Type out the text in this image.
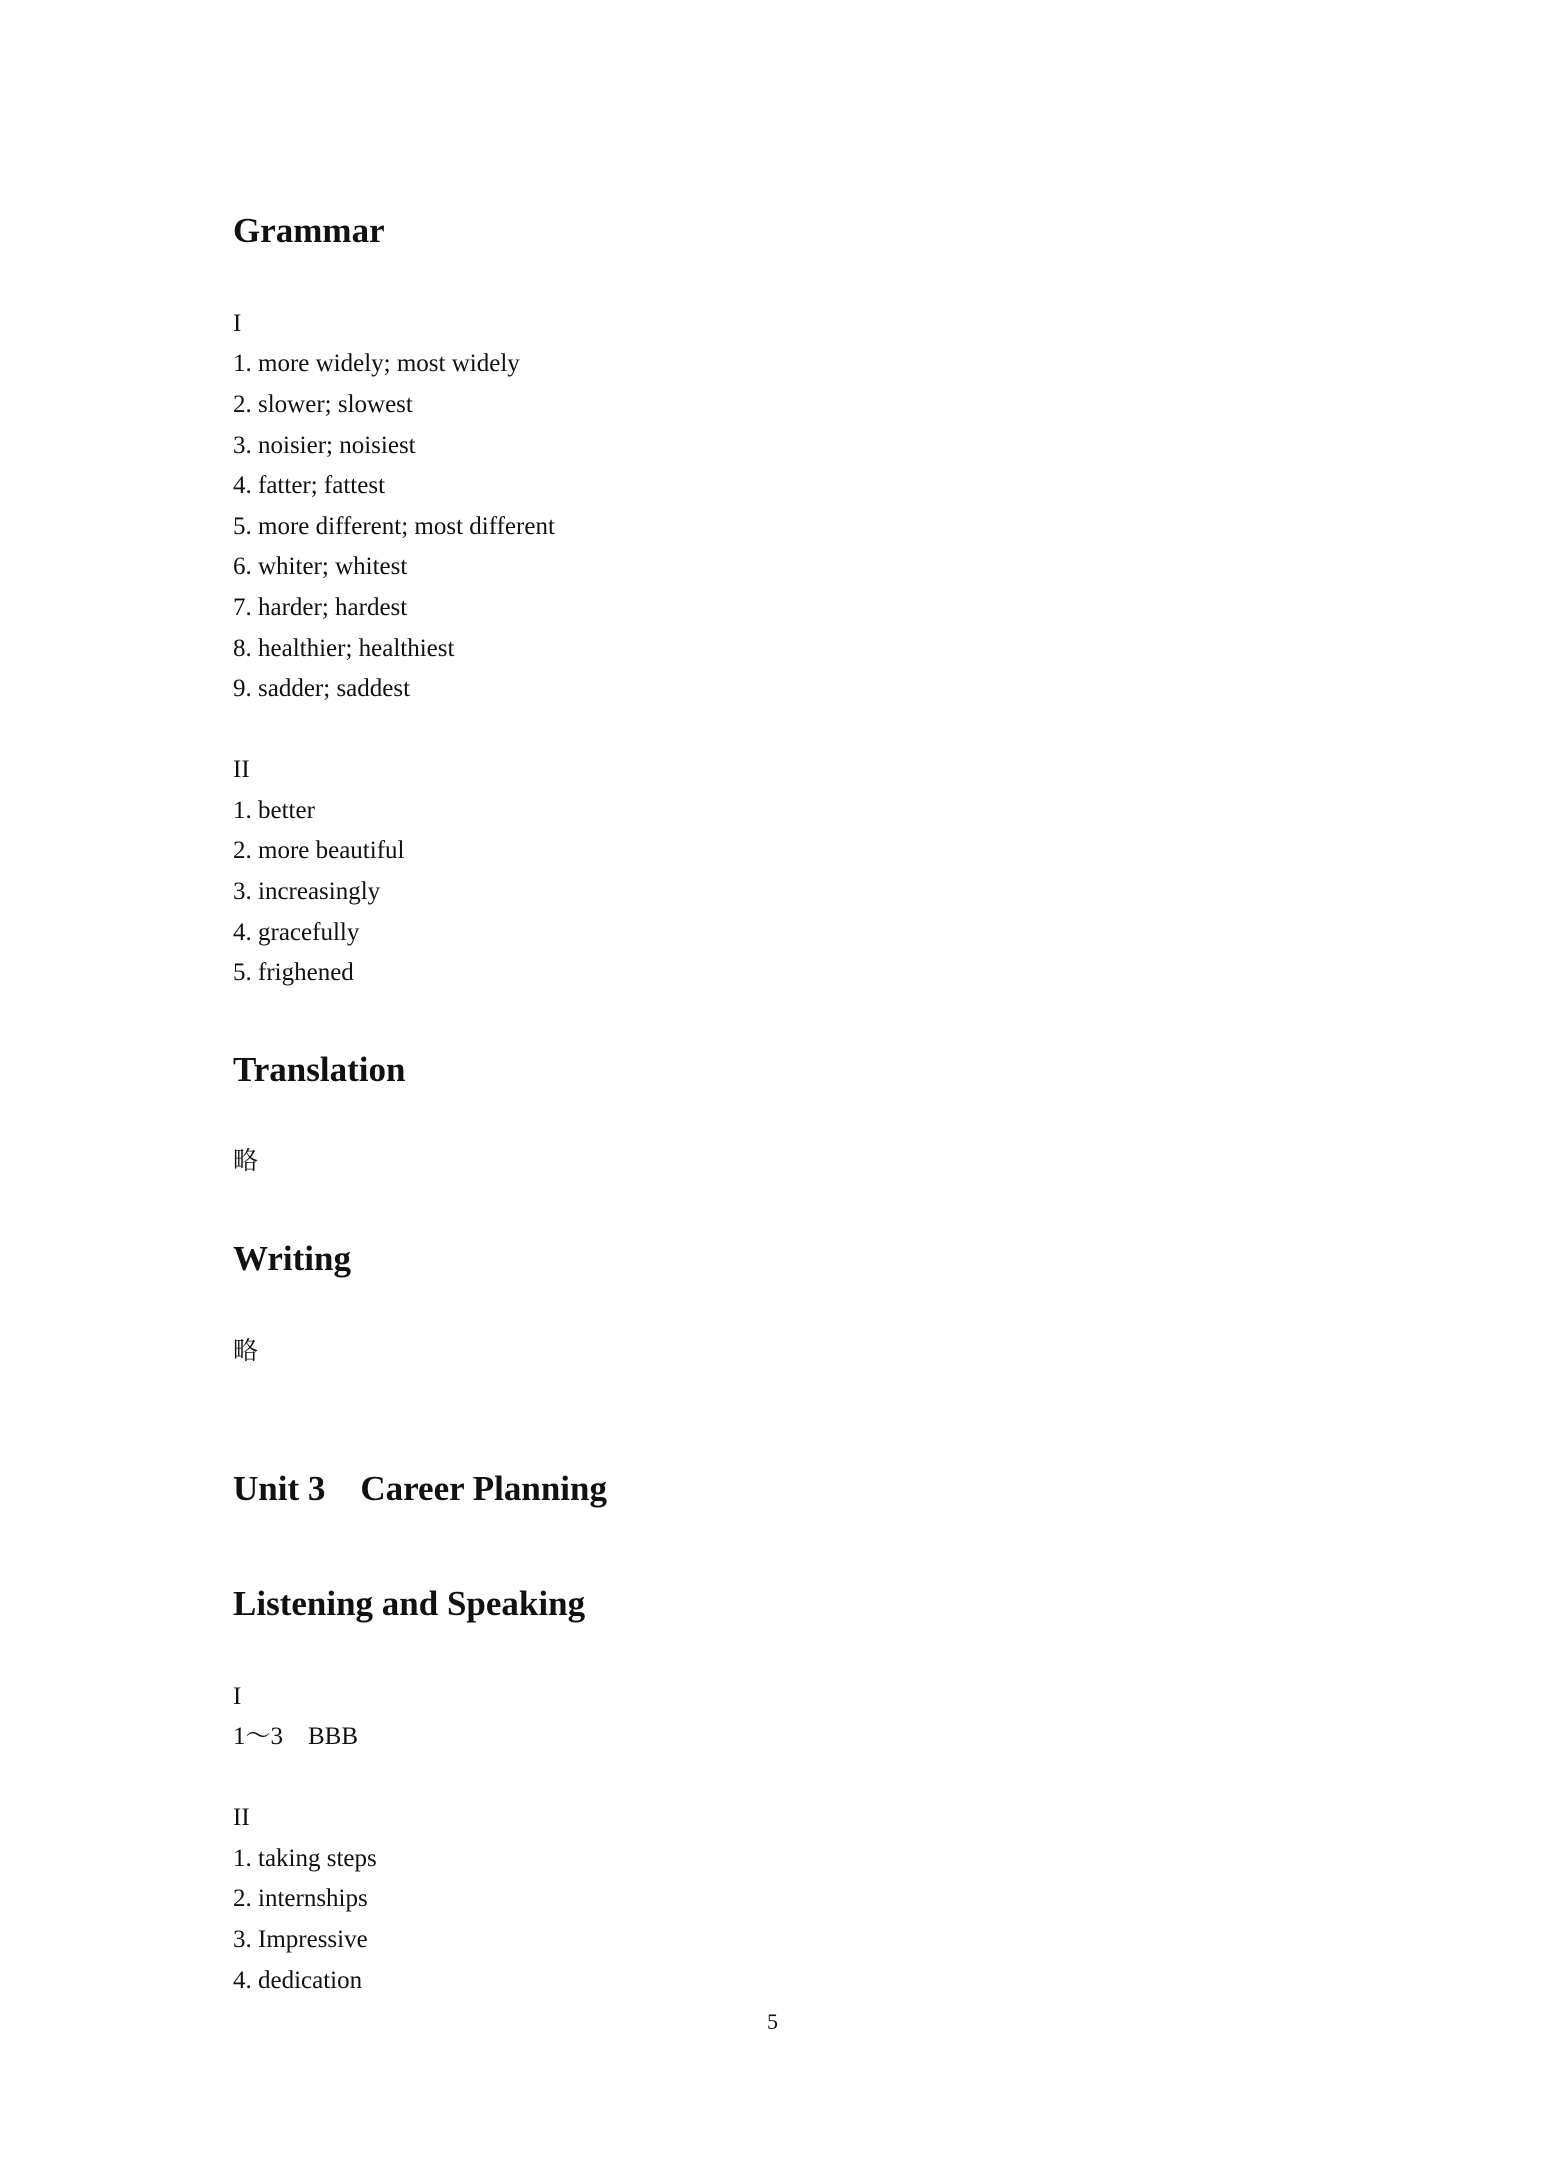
Grammar
I
1. more widely; most widely
2. slower; slowest
3. noisier; noisiest
4. fatter; fattest
5. more different; most different
6. whiter; whitest
7. harder; hardest
8. healthier; healthiest
9. sadder; saddest
II
1. better
2. more beautiful
3. increasingly
4. gracefully
5. frighened
Translation
略
Writing
略
Unit 3    Career Planning
Listening and Speaking
I
1～3    BBB
II
1. taking steps
2. internships
3. Impressive
4. dedication
5
